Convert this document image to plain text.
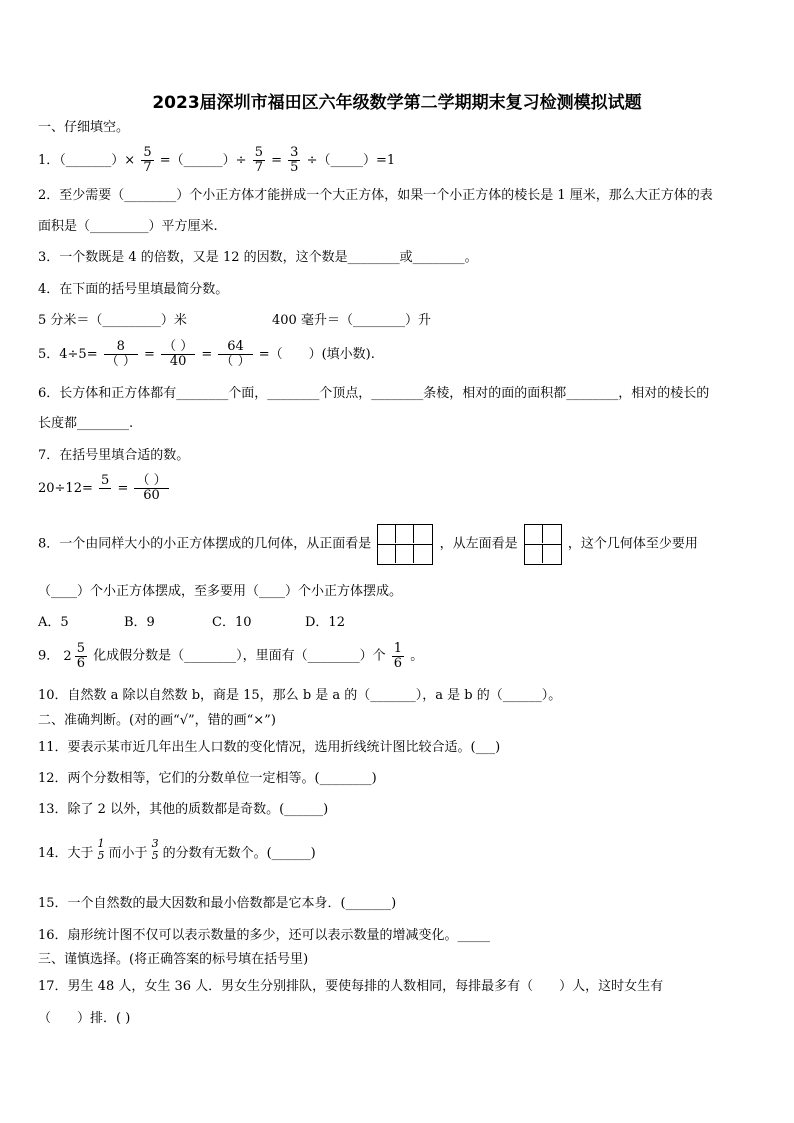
2023届深圳市福田区六年级数学第二学期期末复习检测模拟试题
一、仔细填空。
1．（_______）× $\frac{5}{7}$ =（______）÷ $\frac{5}{7} = \frac{3}{5}$ ÷（_____）=1
2．至少需要（________）个小正方体才能拼成一个大正方体，如果一个小正方体的棱长是 1 厘米，那么大正方体的表
面积是（_________）平方厘米.
3．一个数既是 4 的倍数，又是 12 的因数，这个数是________或________。
4．在下面的括号里填最简分数。
5 分米＝（_________）米	400 毫升＝（________）升
5．$4\div 5= \frac{8}{( )} = \frac{( )}{40} = \frac{64}{( )}$ =（　　）(填小数).
6．长方体和正方体都有________个面，________个顶点，________条棱，相对的面的面积都________，相对的棱长的
长度都________.
7．在括号里填合适的数。
20÷12=
5

= $\frac{( )}{60}$
8．一个由同样大小的小正方体摆成的几何体，从正面看是	，从左面看是	，这个几何体至少要用
（____）个小正方体摆成，至多要用（____）个小正方体摆成。
A．5	B．9	C．10	D．12
9． $2 \frac{5}{6}$ 化成假分数是（________），里面有（________）个 $\frac{1}{6}$ 。
10．自然数 a 除以自然数 b，商是 15，那么 b 是 a 的（_______），a 是 b 的（______）。
二、准确判断。(对的画“√”，错的画“×”)
11．要表示某市近几年出生人口数的变化情况，选用折线统计图比较合适。(___)
12．两个分数相等，它们的分数单位一定相等。(________)
13．除了 2 以外，其他的质数都是奇数。(______)
14．大于
1
5 而小于
3
5 的分数有无数个。(______)
15．一个自然数的最大因数和最小倍数都是它本身．(_______)
16．扇形统计图不仅可以表示数量的多少，还可以表示数量的增减变化。_____
三、谨慎选择。(将正确答案的标号填在括号里)
17．男生 48 人，女生 36 人．男女生分别排队，要使每排的人数相同，每排最多有（　　）人，这时女生有
（　　）排．( )
